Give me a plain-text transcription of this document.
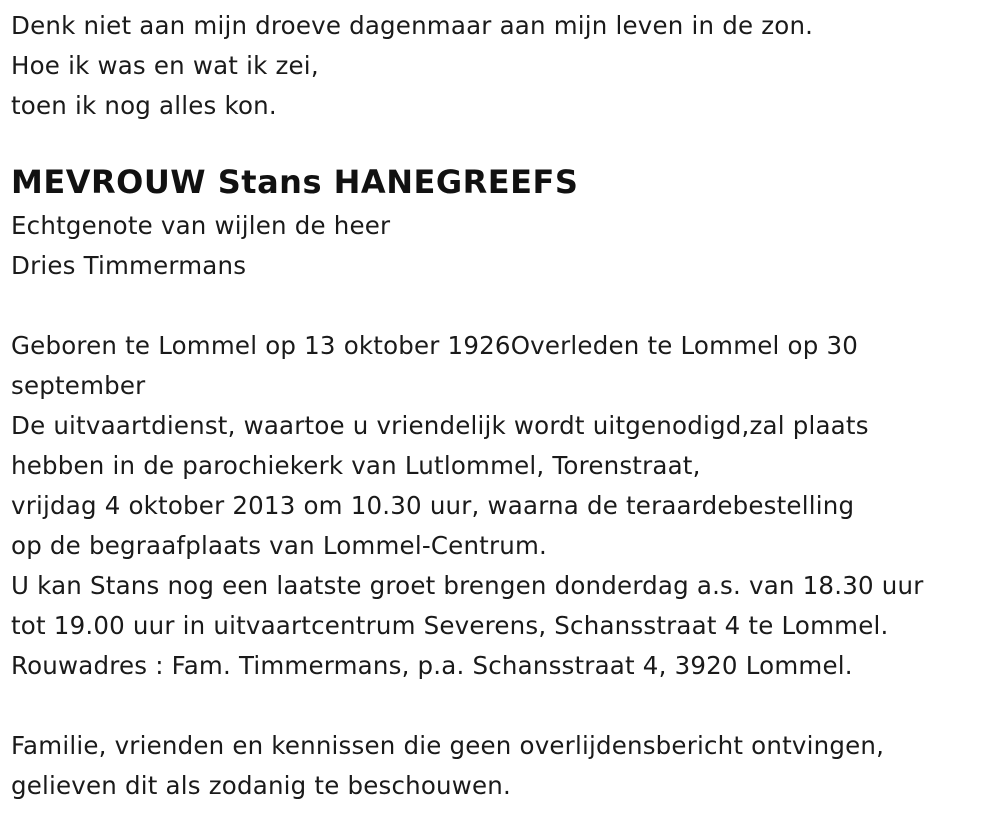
Denk niet aan mijn droeve dagenmaar aan mijn leven in de zon.
Hoe ik was en wat ik zei,
toen ik nog alles kon.
MEVROUW Stans HANEGREEFS
Echtgenote van wijlen de heer
Dries Timmermans
Geboren te Lommel op 13 oktober 1926Overleden te Lommel op 30
september
De uitvaartdienst, waartoe u vriendelijk wordt uitgenodigd,zal plaats
hebben in de parochiekerk van Lutlommel, Torenstraat,
vrijdag 4 oktober 2013 om 10.30 uur, waarna de teraardebestelling
op de begraafplaats van Lommel-Centrum.
U kan Stans nog een laatste groet brengen donderdag a.s. van 18.30 uur
tot 19.00 uur in uitvaartcentrum Severens, Schansstraat 4 te Lommel.
Rouwadres : Fam. Timmermans, p.a. Schansstraat 4, 3920 Lommel.
Familie, vrienden en kennissen die geen overlijdensbericht ontvingen,
gelieven dit als zodanig te beschouwen.
